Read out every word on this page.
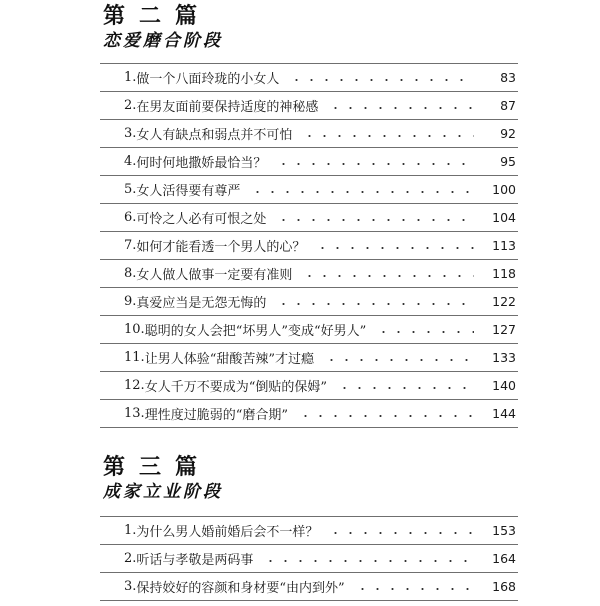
第二篇
恋爱磨合阶段
1. 做一个八面玲珑的小女人	83
2. 在男友面前要保持适度的神秘感	87
3. 女人有缺点和弱点并不可怕	92
4. 何时何地撒娇最恰当？	95
5. 女人活得要有尊严	100
6. 可怜之人必有可恨之处	104
7. 如何才能看透一个男人的心？	113
8. 女人做人做事一定要有准则	118
9. 真爱应当是无怨无悔的	122
10. 聪明的女人会把“坏男人”变成“好男人”	127
11. 让男人体验“甜酸苦辣”才过瘾	133
12. 女人千万不要成为“倒贴的保姆”	140
13. 理性度过脆弱的“磨合期”	144
第三篇
成家立业阶段
1. 为什么男人婚前婚后会不一样？	153
2. 听话与孝敬是两码事	164
3. 保持姣好的容颜和身材要“由内到外”	168
